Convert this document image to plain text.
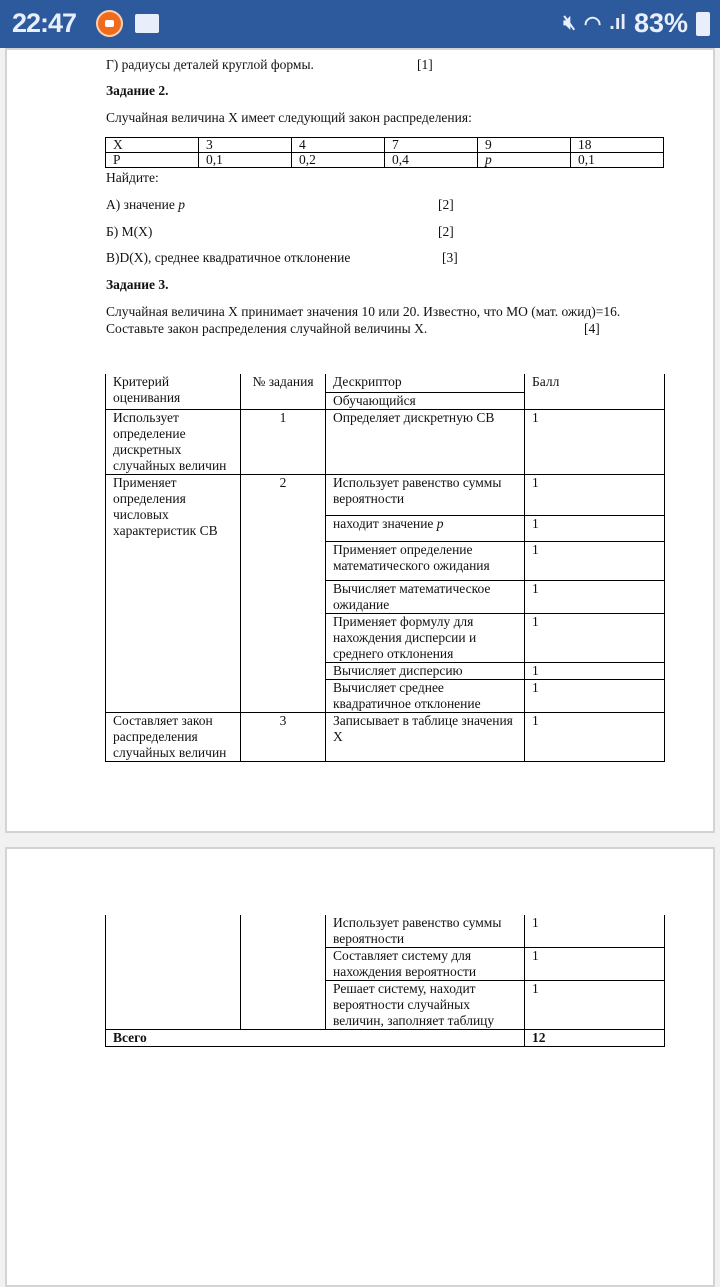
22:47	🔇︎ ◠ .ıl 83%
Г) радиусы деталей круглой формы.	[1]
Задание 2.
Случайная величина Х имеет следующий закон распределения:
X	3	4	7	9	18
P	0,1	0,2	0,4	p	0,1
Найдите:
А) значение p	[2]
Б) М(Х)	[2]
В)D(X), среднее квадратичное отклонение	[3]
Задание 3.
Случайная величина Х принимает значения 10 или 20. Известно, что МО (мат. ожид)=16.
Составьте закон распределения случайной величины Х.	[4]
Критерий оценивания	№ задания	Дескриптор	Балл
		Обучающийся	
Использует определение дискретных случайных величин	1	Определяет дискретную СВ	1
Применяет определения числовых характеристик СВ	2	Использует равенство суммы вероятности	1
		находит значение p	1
		Применяет определение математического ожидания	1
		Вычисляет математическое ожидание	1
		Применяет формулу для нахождения дисперсии и среднего отклонения	1
		Вычисляет дисперсию	1
		Вычисляет среднее квадратичное отклонение	1
Составляет закон распределения случайных величин	3	Записывает в таблице значения Х	1
		Использует равенство суммы вероятности	1
		Составляет систему для нахождения вероятности	1
		Решает систему, находит вероятности случайных величин, заполняет таблицу	1
Всего			12
